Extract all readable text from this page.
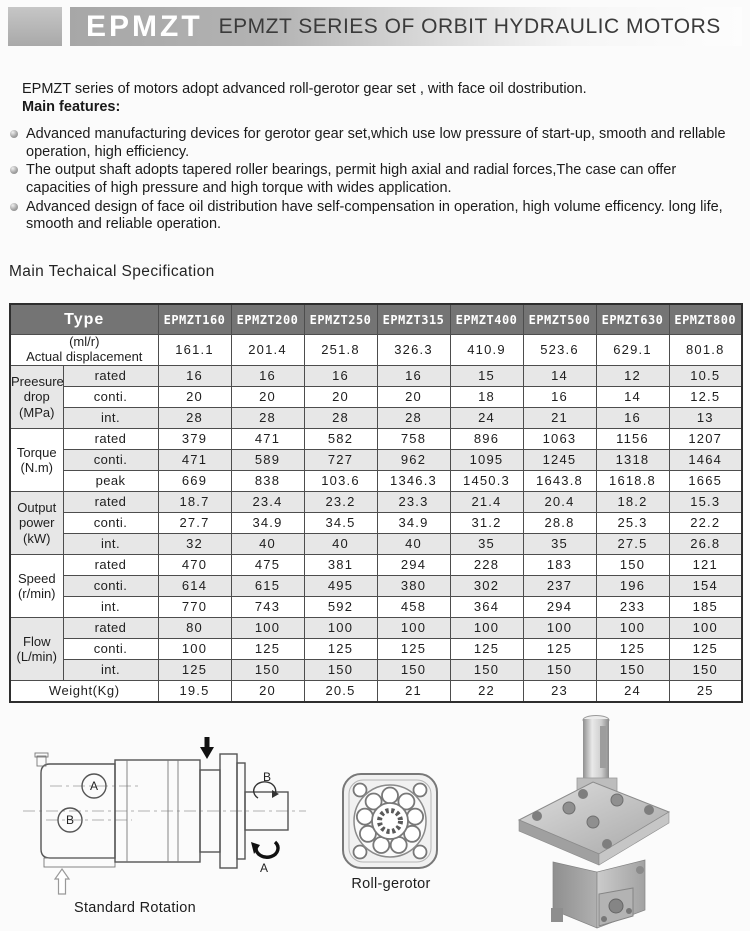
EPMZT EPMZT SERIES OF ORBIT HYDRAULIC MOTORS
EPMZT series of motors adopt advanced roll-gerotor gear set , with face oil dostribution.
Main features:
Advanced manufacturing devices for gerotor gear set,which use low pressure of start-up, smooth and rellable operation, high efficiency.
The output shaft adopts tapered roller bearings, permit high axial and radial forces,The case can offer capacities of high pressure and high torque with wides application.
Advanced design of face oil distribution have self-compensation in operation, high volume efficency. long life, smooth and reliable operation.
Main Techaical Specification
Type		EPMZT160	EPMZT200	EPMZT250	EPMZT315	EPMZT400	EPMZT500	EPMZT630	EPMZT800

(ml/r)
Actual displacement		161.1	201.4	251.8	326.3	410.9	523.6	629.1	801.8
Preesure drop (MPa)	rated	16	16	16	16	15	14	12	10.5
	conti.	20	20	20	20	18	16	14	12.5
	int.	28	28	28	28	24	21	16	13
Torque (N.m)	rated	379	471	582	758	896	1063	1156	1207
	conti.	471	589	727	962	1095	1245	1318	1464
	peak	669	838	103.6	1346.3	1450.3	1643.8	1618.8	1665
Output power (kW)	rated	18.7	23.4	23.2	23.3	21.4	20.4	18.2	15.3
	conti.	27.7	34.9	34.5	34.9	31.2	28.8	25.3	22.2
	int.	32	40	40	40	35	35	27.5	26.8
Speed (r/min)	rated	470	475	381	294	228	183	150	121
	conti.	614	615	495	380	302	237	196	154
	int.	770	743	592	458	364	294	233	185
Flow (L/min)	rated	80	100	100	100	100	100	100	100
	conti.	100	125	125	125	125	125	125	125
	int.	125	150	150	150	150	150	150	150
Weight(Kg)		19.5	20	20.5	21	22	23	24	25
A
B
B
A
Standard Rotation
Roll-gerotor
